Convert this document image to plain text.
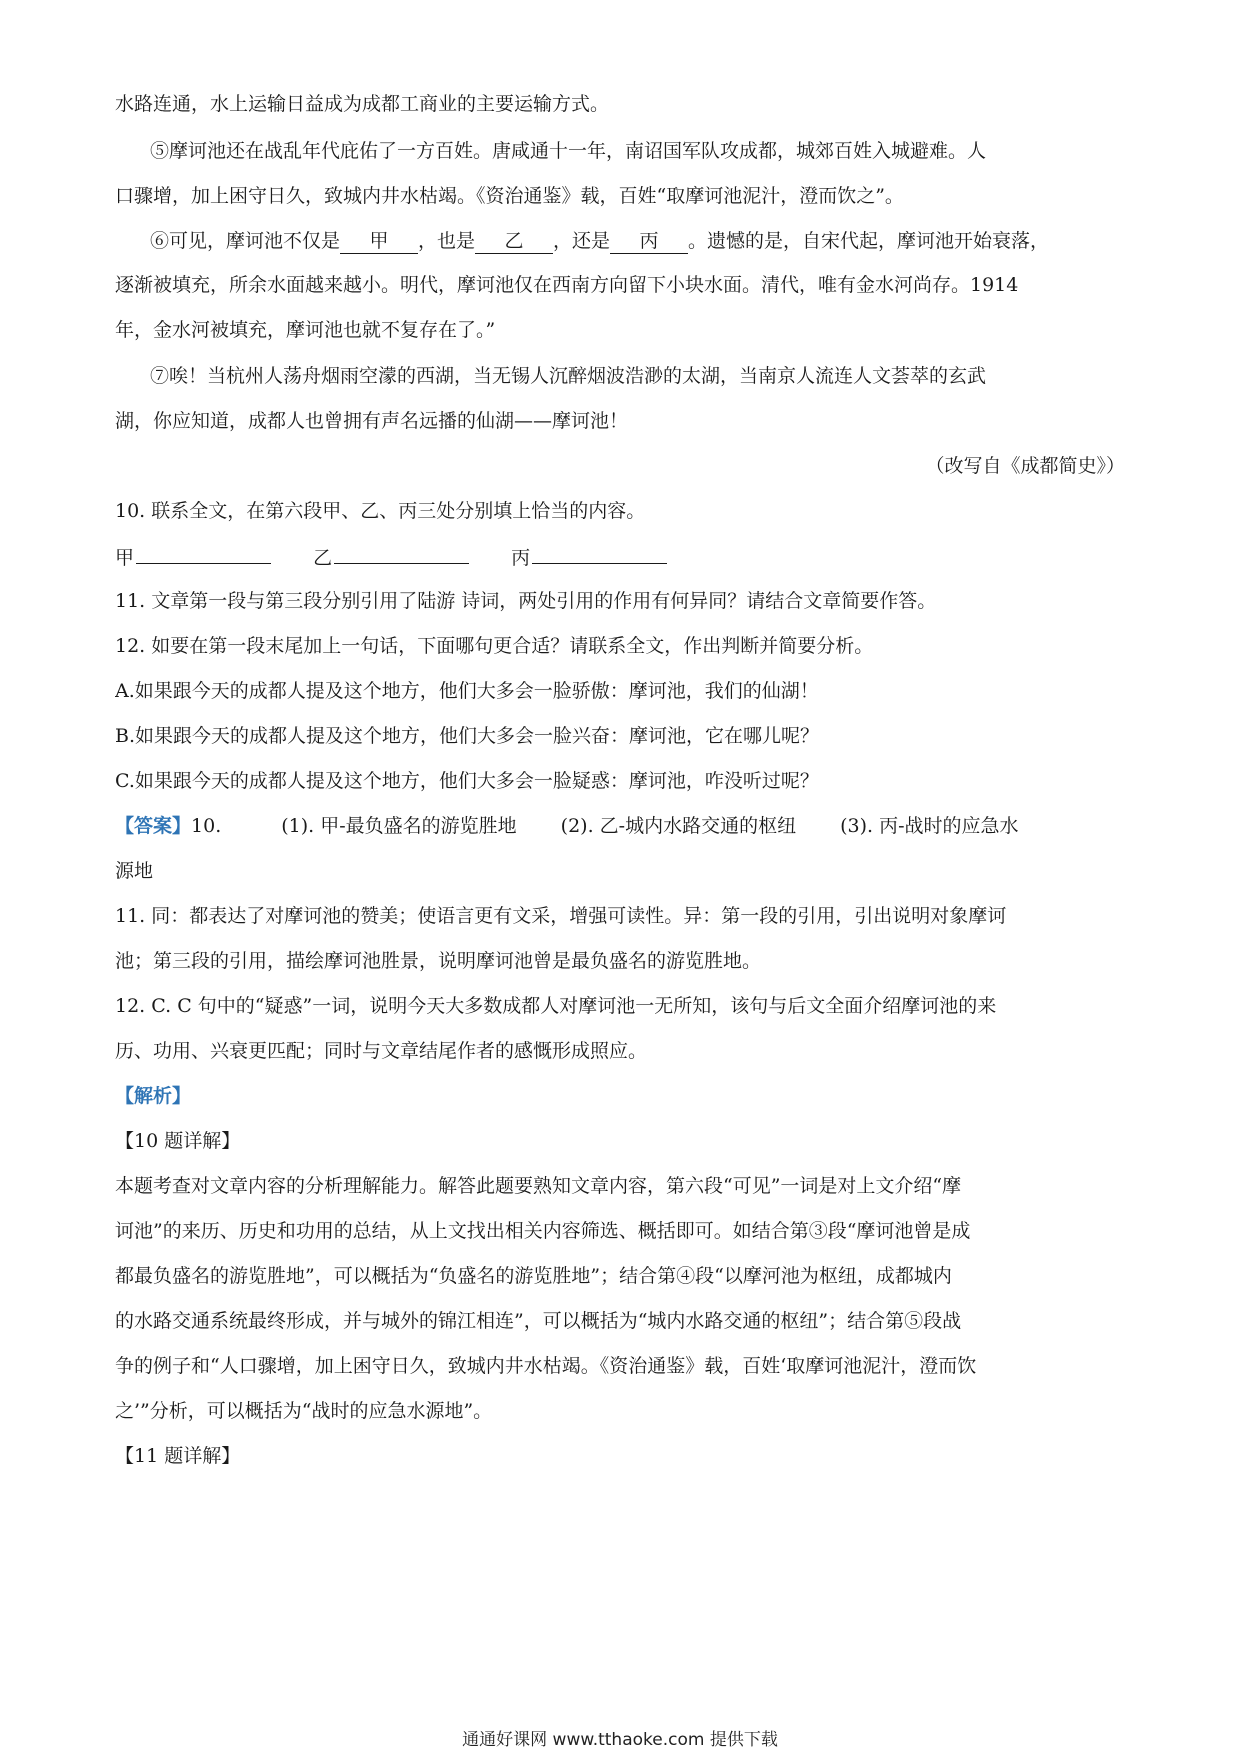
水路连通，水上运输日益成为成都工商业的主要运输方式。
⑤摩诃池还在战乱年代庇佑了一方百姓。唐咸通十一年，南诏国军队攻成都，城郊百姓入城避难。人
口骤增，加上困守日久，致城内井水枯竭。《资治通鉴》载，百姓“取摩诃池泥汁，澄而饮之”。
⑥可见，摩诃池不仅是 甲 ，也是 乙 ，还是 丙 。遗憾的是，自宋代起，摩诃池开始衰落，
逐渐被填充，所余水面越来越小。明代，摩诃池仅在西南方向留下小块水面。清代，唯有金水河尚存。1914
年，金水河被填充，摩诃池也就不复存在了。”
⑦唉！当杭州人荡舟烟雨空濛的西湖，当无锡人沉醉烟波浩渺的太湖，当南京人流连人文荟萃的玄武
湖，你应知道，成都人也曾拥有声名远播的仙湖——摩诃池！
（改写自《成都简史》）
10. 联系全文，在第六段甲、乙、丙三处分别填上恰当的内容。
甲	乙	丙
11. 文章第一段与第三段分别引用了陆游 诗词，两处引用的作用有何异同？请结合文章简要作答。
12. 如要在第一段末尾加上一句话，下面哪句更合适？请联系全文，作出判断并简要分析。
A.如果跟今天的成都人提及这个地方，他们大多会一脸骄傲：摩诃池，我们的仙湖！
B.如果跟今天的成都人提及这个地方，他们大多会一脸兴奋：摩诃池，它在哪儿呢？
C.如果跟今天的成都人提及这个地方，他们大多会一脸疑惑：摩诃池，咋没听过呢？
【答案】10.	(1). 甲-最负盛名的游览胜地 (2). 乙-城内水路交通的枢纽 (3). 丙-战时的应急水
源地
11. 同：都表达了对摩诃池的赞美；使语言更有文采，增强可读性。异：第一段的引用，引出说明对象摩诃
池；第三段的引用，描绘摩诃池胜景，说明摩诃池曾是最负盛名的游览胜地。
12. C. C 句中的“疑惑”一词，说明今天大多数成都人对摩诃池一无所知，该句与后文全面介绍摩诃池的来
历、功用、兴衰更匹配；同时与文章结尾作者的感慨形成照应。
【解析】
【10 题详解】
本题考查对文章内容的分析理解能力。解答此题要熟知文章内容，第六段“可见”一词是对上文介绍“摩
诃池”的来历、历史和功用的总结，从上文找出相关内容筛选、概括即可。如结合第③段“摩诃池曾是成
都最负盛名的游览胜地”，可以概括为“负盛名的游览胜地”；结合第④段“以摩河池为枢纽，成都城内
的水路交通系统最终形成，并与城外的锦江相连”，可以概括为“城内水路交通的枢纽”；结合第⑤段战
争的例子和“人口骤增，加上困守日久，致城内井水枯竭。《资治通鉴》载，百姓‘取摩诃池泥汁，澄而饮
之’”分析，可以概括为“战时的应急水源地”。
【11 题详解】
通通好课网 www.tthaoke.com 提供下载
